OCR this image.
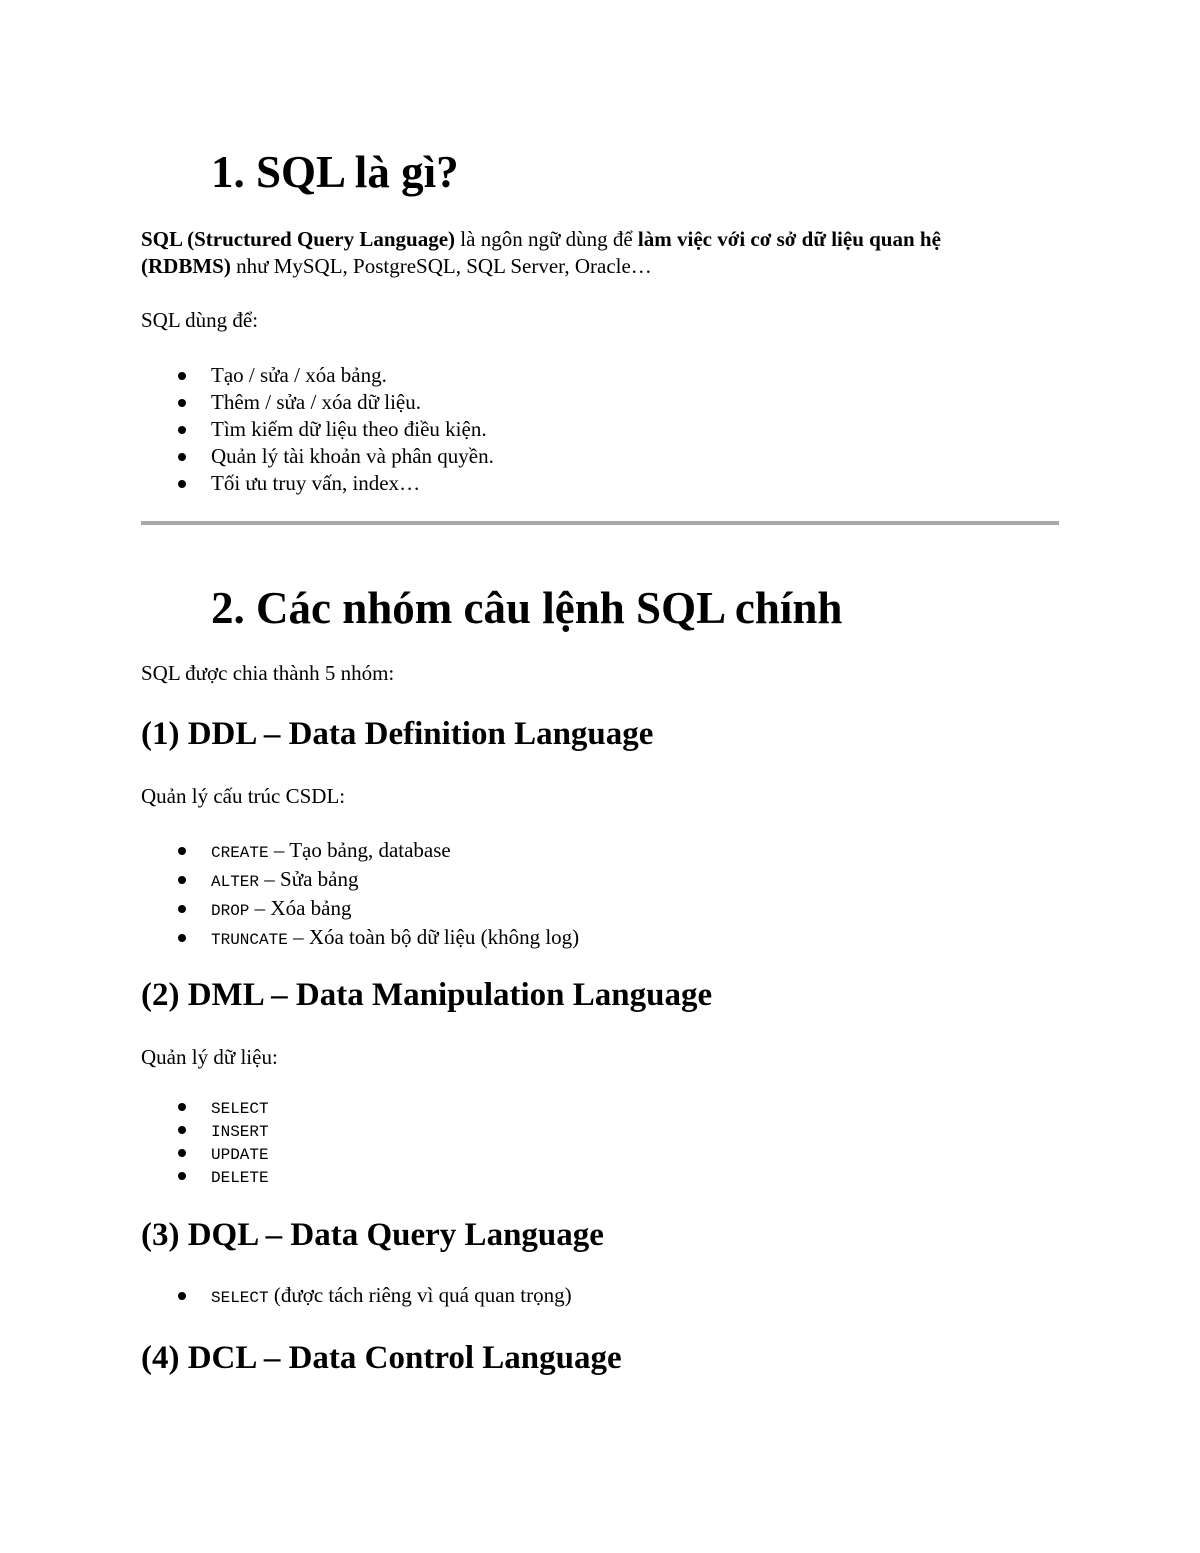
1. SQL là gì?

SQL (Structured Query Language) là ngôn ngữ dùng để làm việc với cơ sở dữ liệu quan hệ
(RDBMS) như MySQL, PostgreSQL, SQL Server, Oracle…

SQL dùng để:

Tạo / sửa / xóa bảng.
Thêm / sửa / xóa dữ liệu.
Tìm kiếm dữ liệu theo điều kiện.
Quản lý tài khoản và phân quyền.
Tối ưu truy vấn, index…
2. Các nhóm câu lệnh SQL chính

SQL được chia thành 5 nhóm:

(1) DDL – Data Definition Language

Quản lý cấu trúc CSDL:

CREATE – Tạo bảng, database
ALTER – Sửa bảng
DROP – Xóa bảng
TRUNCATE – Xóa toàn bộ dữ liệu (không log)
(2) DML – Data Manipulation Language

Quản lý dữ liệu:

SELECT
INSERT
UPDATE
DELETE
(3) DQL – Data Query Language
SELECT (được tách riêng vì quá quan trọng)
(4) DCL – Data Control Language
